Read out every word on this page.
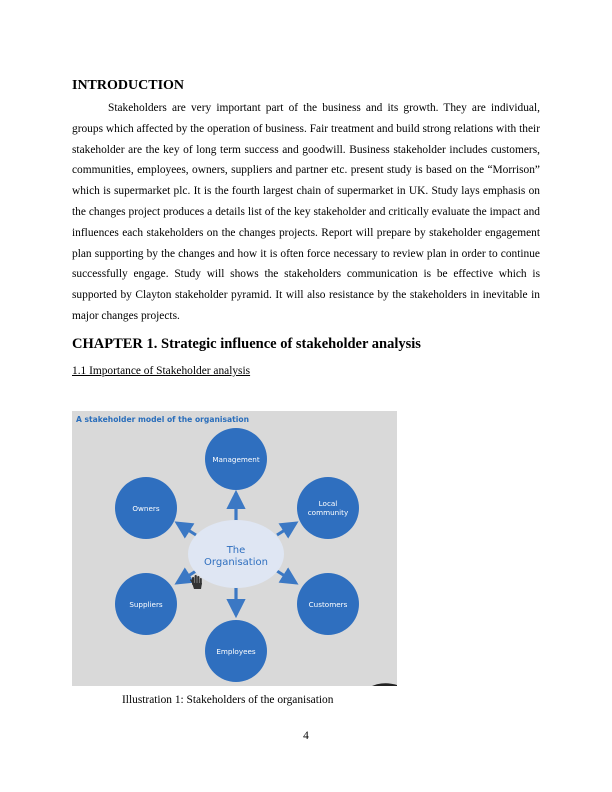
INTRODUCTION

Stakeholders are very important part of the business and its growth. They are individual, groups which affected by the operation of business. Fair treatment and build strong relations with their stakeholder are the key of long term success and goodwill. Business stakeholder includes customers, communities, employees, owners, suppliers and partner etc. present study is based on the “Morrison” which is supermarket plc. It is the fourth largest chain of supermarket in UK. Study lays emphasis on the changes project produces a details list of the key stakeholder and critically evaluate the impact and influences each stakeholders on the changes projects. Report will prepare by stakeholder engagement plan supporting by the changes and how it is often force necessary to review plan in order to continue successfully engage. Study will shows the stakeholders communication is be effective which is supported by Clayton stakeholder pyramid. It will also resistance by the stakeholders in inevitable in major changes projects.

CHAPTER 1. Strategic influence of stakeholder analysis

1.1 Importance of Stakeholder analysis

A stakeholder model of the organisation
The
Organisation
Management
Local
community
Owners
Suppliers	Customers
Employees

Illustration 1: Stakeholders of the organisation

4
